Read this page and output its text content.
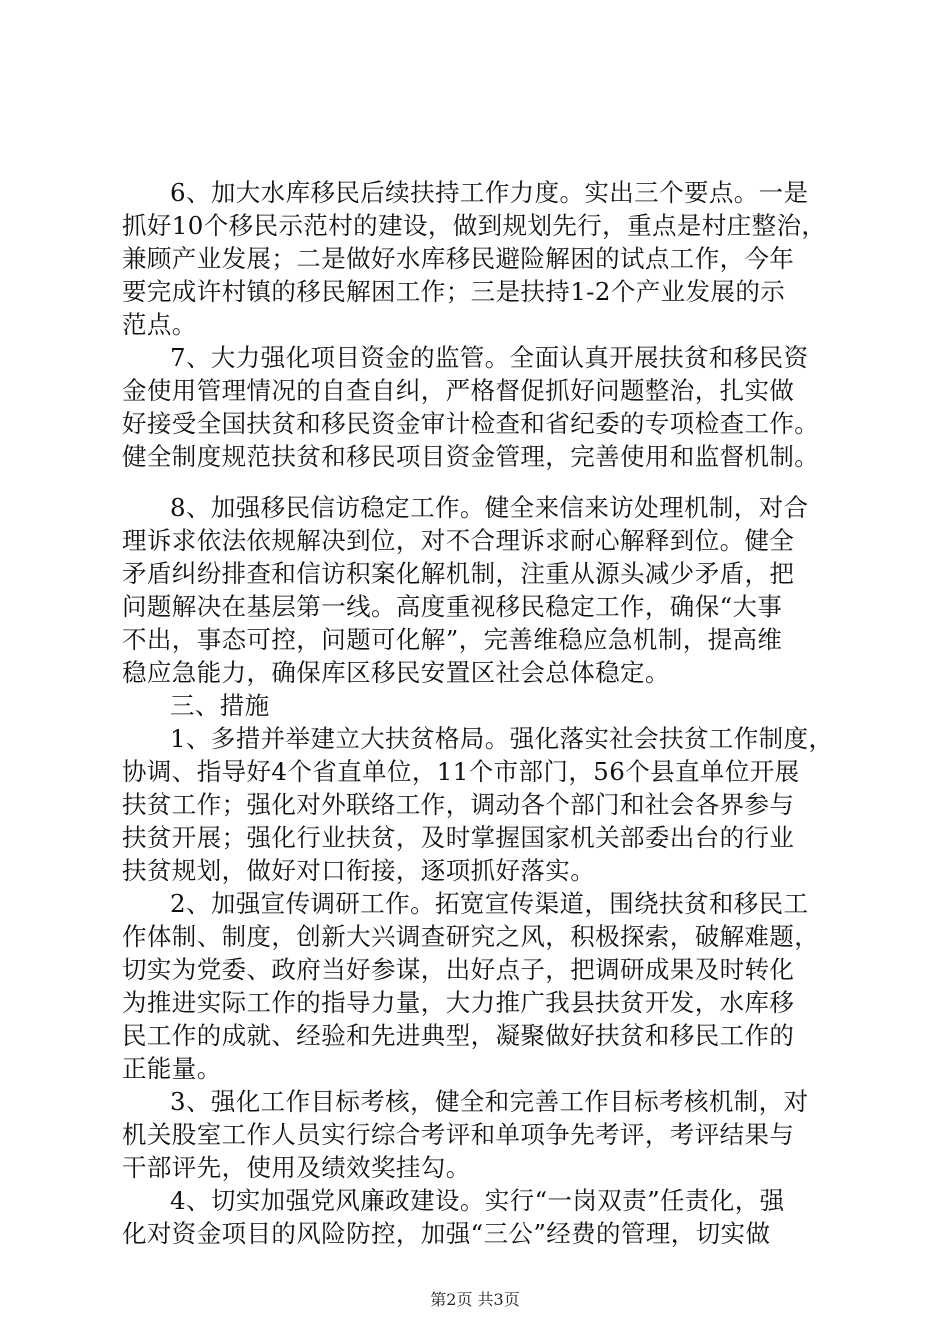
6、加大水库移民后续扶持工作力度。实出三个要点。一是
抓好10个移民示范村的建设，做到规划先行，重点是村庄整治，
兼顾产业发展；二是做好水库移民避险解困的试点工作，今年
要完成许村镇的移民解困工作；三是扶持1-2个产业发展的示
范点。
7、大力强化项目资金的监管。全面认真开展扶贫和移民资
金使用管理情况的自查自纠，严格督促抓好问题整治，扎实做
好接受全国扶贫和移民资金审计检查和省纪委的专项检查工作。
健全制度规范扶贫和移民项目资金管理，完善使用和监督机制。
8、加强移民信访稳定工作。健全来信来访处理机制，对合
理诉求依法依规解决到位，对不合理诉求耐心解释到位。健全
矛盾纠纷排查和信访积案化解机制，注重从源头减少矛盾，把
问题解决在基层第一线。高度重视移民稳定工作，确保“大事
不出，事态可控，问题可化解”，完善维稳应急机制，提高维
稳应急能力，确保库区移民安置区社会总体稳定。
三、措施
1、多措并举建立大扶贫格局。强化落实社会扶贫工作制度，
协调、指导好4个省直单位，11个市部门，56个县直单位开展
扶贫工作；强化对外联络工作，调动各个部门和社会各界参与
扶贫开展；强化行业扶贫，及时掌握国家机关部委出台的行业
扶贫规划，做好对口衔接，逐项抓好落实。
2、加强宣传调研工作。拓宽宣传渠道，围绕扶贫和移民工
作体制、制度，创新大兴调查研究之风，积极探索，破解难题，
切实为党委、政府当好参谋，出好点子，把调研成果及时转化
为推进实际工作的指导力量，大力推广我县扶贫开发，水库移
民工作的成就、经验和先进典型，凝聚做好扶贫和移民工作的
正能量。
3、强化工作目标考核，健全和完善工作目标考核机制，对
机关股室工作人员实行综合考评和单项争先考评，考评结果与
干部评先，使用及绩效奖挂勾。
4、切实加强党风廉政建设。实行“一岗双责”任责化，强
化对资金项目的风险防控，加强“三公”经费的管理，切实做
第2页 共3页
